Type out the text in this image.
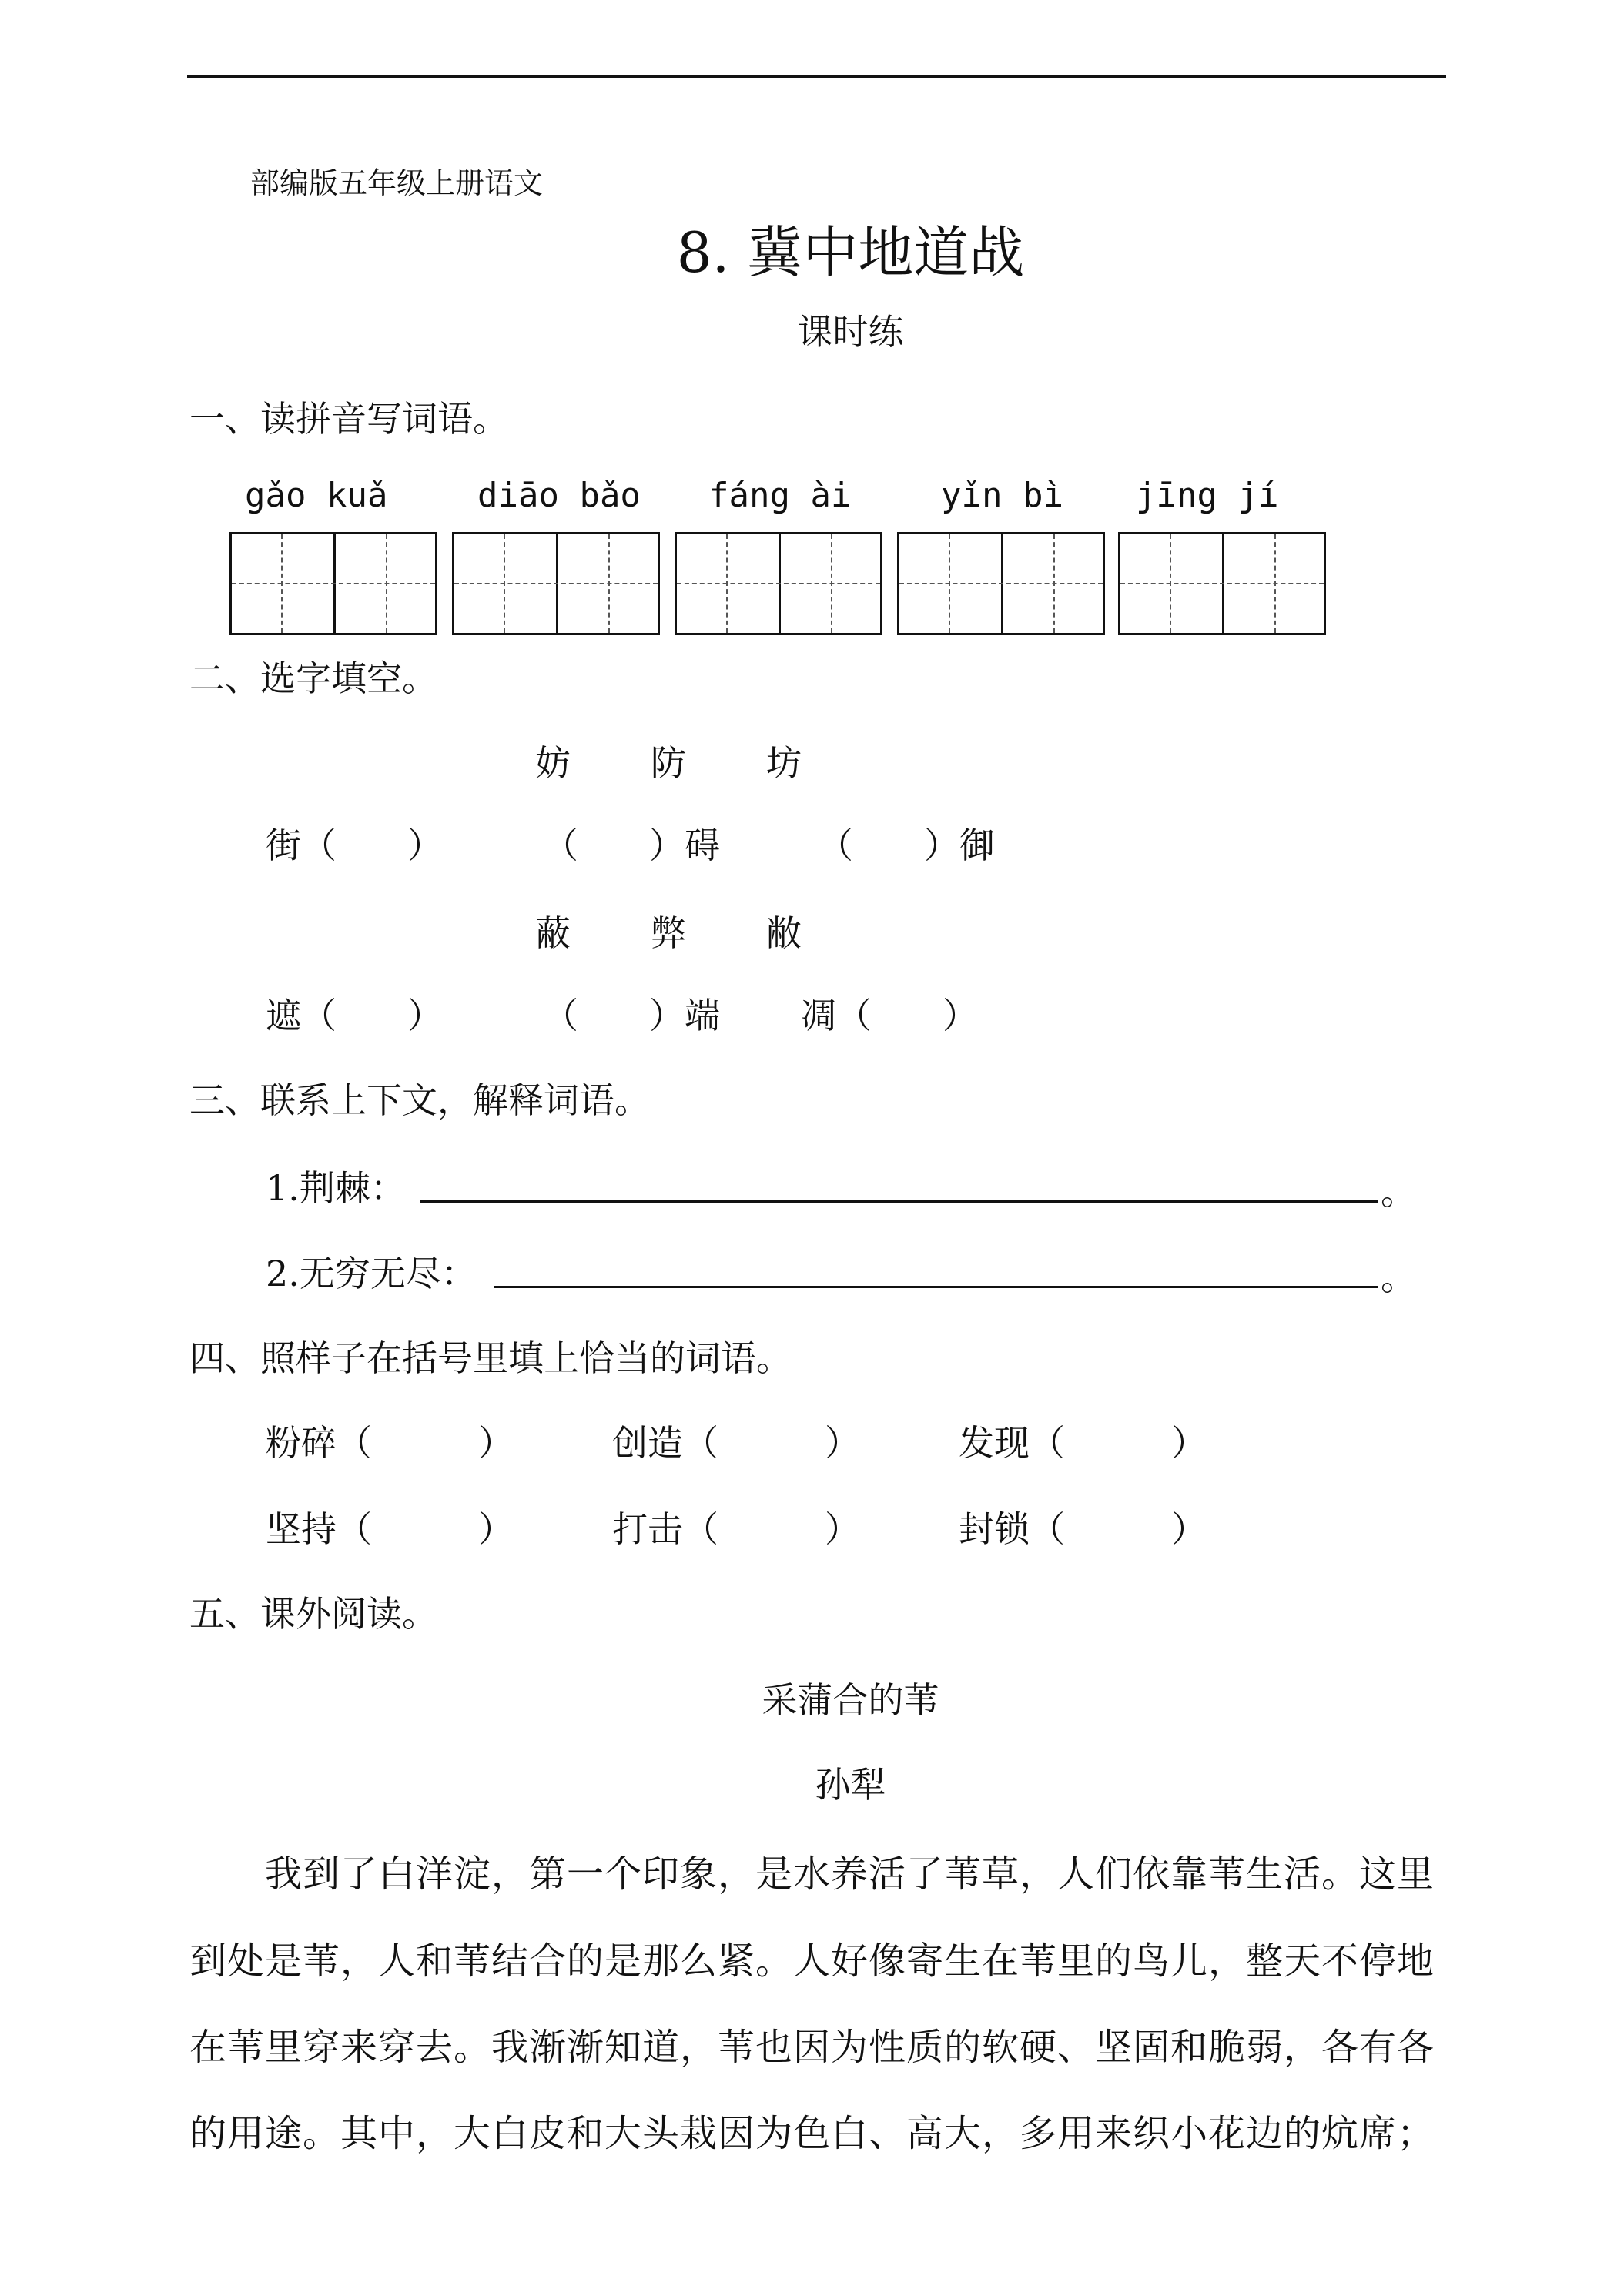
部编版五年级上册语文
8. 冀中地道战
课时练
一、读拼音写词语。
gǎo kuǎ	diāo bǎo fáng ài	yǐn bì jīng jí
二、选字填空。
妨 防 坊
街（　　）	（　　）碍	（　　）御
蔽 弊 敝
遮（　　）	（　　）端 凋（　　）
三、联系上下文，解释词语。
1.荆棘：	。
2.无穷无尽：	。
四、照样子在括号里填上恰当的词语。
粉碎（　　　）	创造（　　　）	发现（　　　）
坚持（　　　）	打击（　　　）	封锁（　　　）
五、课外阅读。
采蒲合的苇
孙犁
　　我到了白洋淀，第一个印象，是水养活了苇草，人们依靠苇生活。这里
到处是苇，人和苇结合的是那么紧。人好像寄生在苇里的鸟儿，整天不停地
在苇里穿来穿去。我渐渐知道，苇也因为性质的软硬、坚固和脆弱，各有各
的用途。其中，大白皮和大头栽因为色白、高大，多用来织小花边的炕席；
